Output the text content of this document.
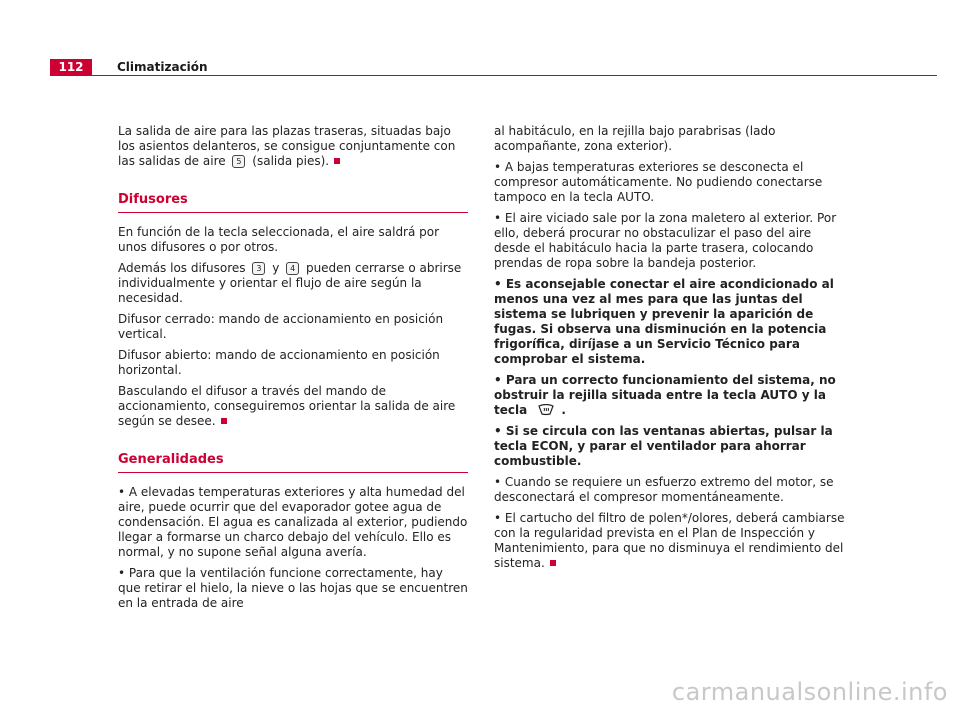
112	Climatización

La salida de aire para las plazas traseras, situadas bajo los asientos delanteros, se consigue conjuntamente con las salidas de aire 5 (salida pies).

Difusores

En función de la tecla seleccionada, el aire saldrá por unos difusores o por otros.

Además los difusores 3 y 4 pueden cerrarse o abrirse individualmente y orientar el flujo de aire según la necesidad.

Difusor cerrado: mando de accionamiento en posición vertical.

Difusor abierto: mando de accionamiento en posición horizontal.

Basculando el difusor a través del mando de accionamiento, conseguiremos orientar la salida de aire según se desee.

Generalidades

• A elevadas temperaturas exteriores y alta humedad del aire, puede ocurrir que del evaporador gotee agua de condensación. El agua es canalizada al exterior, pudiendo llegar a formarse un charco debajo del vehículo. Ello es normal, y no supone señal alguna avería.

• Para que la ventilación funcione correctamente, hay que retirar el hielo, la nieve o las hojas que se encuentren en la entrada de aire

al habitáculo, en la rejilla bajo parabrisas (lado acompañante, zona exterior).

• A bajas temperaturas exteriores se desconecta el compresor automáticamente. No pudiendo conectarse tampoco en la tecla AUTO.

• El aire viciado sale por la zona maletero al exterior. Por ello, deberá procurar no obstaculizar el paso del aire desde el habitáculo hacia la parte trasera, colocando prendas de ropa sobre la bandeja posterior.

• Es aconsejable conectar el aire acondicionado al menos una vez al mes para que las juntas del sistema se lubriquen y prevenir la aparición de fugas. Si observa una disminución en la potencia frigorífica, diríjase a un Servicio Técnico para comprobar el sistema.

• Para un correcto funcionamiento del sistema, no obstruir la rejilla situada entre la tecla AUTO y la tecla	.

• Si se circula con las ventanas abiertas, pulsar la tecla ECON, y parar el ventilador para ahorrar combustible.

• Cuando se requiere un esfuerzo extremo del motor, se desconectará el compresor momentáneamente.

• El cartucho del filtro de polen*/olores, deberá cambiarse con la regularidad prevista en el Plan de Inspección y Mantenimiento, para que no disminuya el rendimiento del sistema.

carmanualsonline.info
